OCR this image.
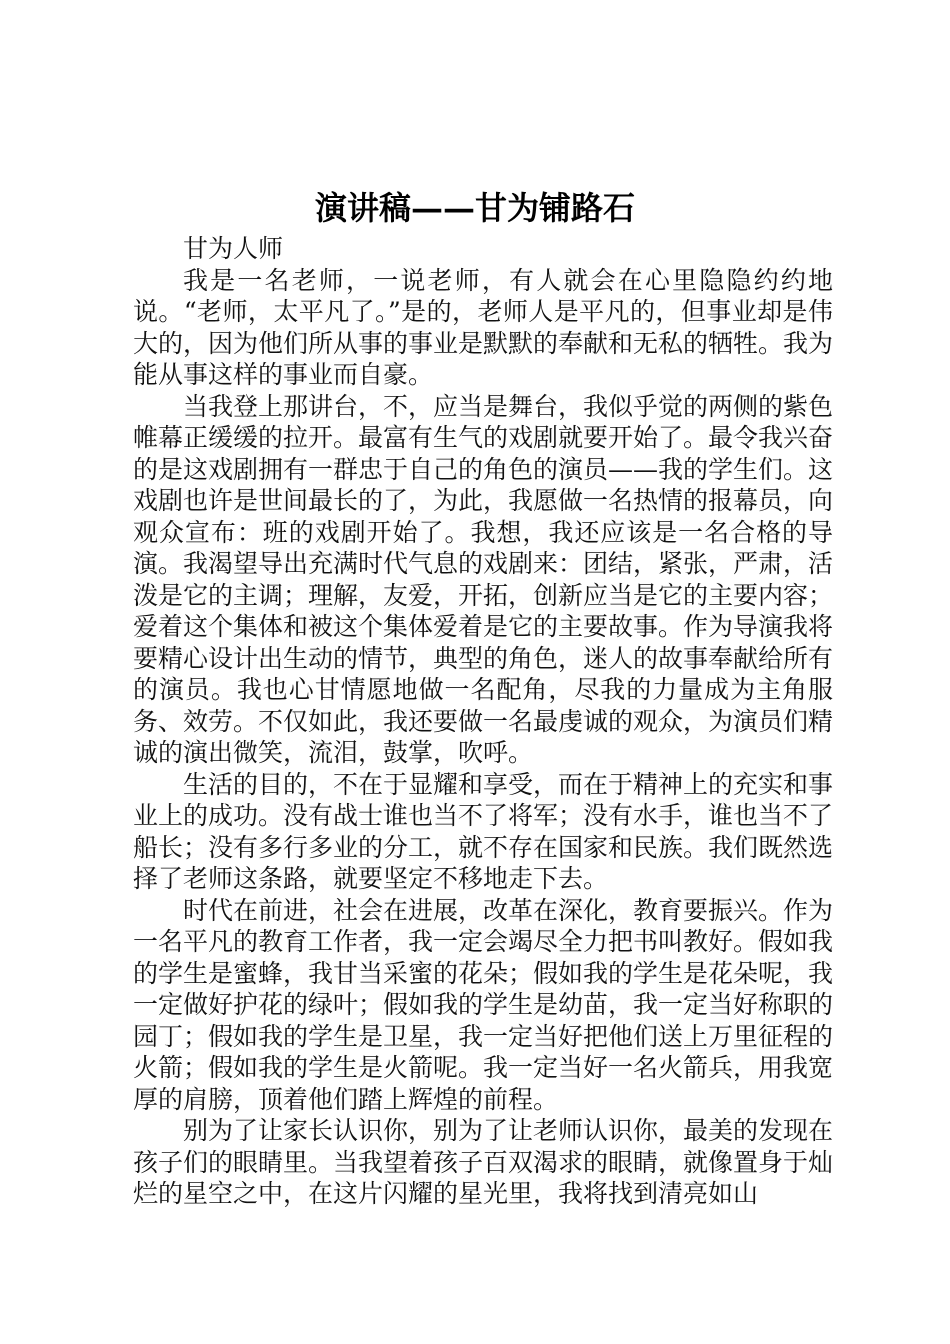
演讲稿——甘为铺路石

甘为人师

我是一名老师，一说老师，有人就会在心里隐隐约约地说。“老师，太平凡了。”是的，老师人是平凡的，但事业却是伟大的，因为他们所从事的事业是默默的奉献和无私的牺牲。我为能从事这样的事业而自豪。

当我登上那讲台，不，应当是舞台，我似乎觉的两侧的紫色帷幕正缓缓的拉开。最富有生气的戏剧就要开始了。最令我兴奋的是这戏剧拥有一群忠于自己的角色的演员——我的学生们。这戏剧也许是世间最长的了，为此，我愿做一名热情的报幕员，向观众宣布：班的戏剧开始了。我想，我还应该是一名合格的导演。我渴望导出充满时代气息的戏剧来：团结，紧张，严肃，活泼是它的主调；理解，友爱，开拓，创新应当是它的主要内容；爱着这个集体和被这个集体爱着是它的主要故事。作为导演我将要精心设计出生动的情节，典型的角色，迷人的故事奉献给所有的演员。我也心甘情愿地做一名配角，尽我的力量成为主角服务、效劳。不仅如此，我还要做一名最虔诚的观众，为演员们精诚的演出微笑，流泪，鼓掌，吹呼。

生活的目的，不在于显耀和享受，而在于精神上的充实和事业上的成功。没有战士谁也当不了将军；没有水手，谁也当不了船长；没有多行多业的分工，就不存在国家和民族。我们既然选择了老师这条路，就要坚定不移地走下去。

时代在前进，社会在进展，改革在深化，教育要振兴。作为一名平凡的教育工作者，我一定会竭尽全力把书叫教好。假如我的学生是蜜蜂，我甘当采蜜的花朵；假如我的学生是花朵呢，我一定做好护花的绿叶；假如我的学生是幼苗，我一定当好称职的园丁；假如我的学生是卫星，我一定当好把他们送上万里征程的火箭；假如我的学生是火箭呢。我一定当好一名火箭兵，用我宽厚的肩膀，顶着他们踏上辉煌的前程。

别为了让家长认识你，别为了让老师认识你，最美的发现在孩子们的眼睛里。当我望着孩子百双渴求的眼睛，就像置身于灿烂的星空之中，在这片闪耀的星光里，我将找到清亮如山
